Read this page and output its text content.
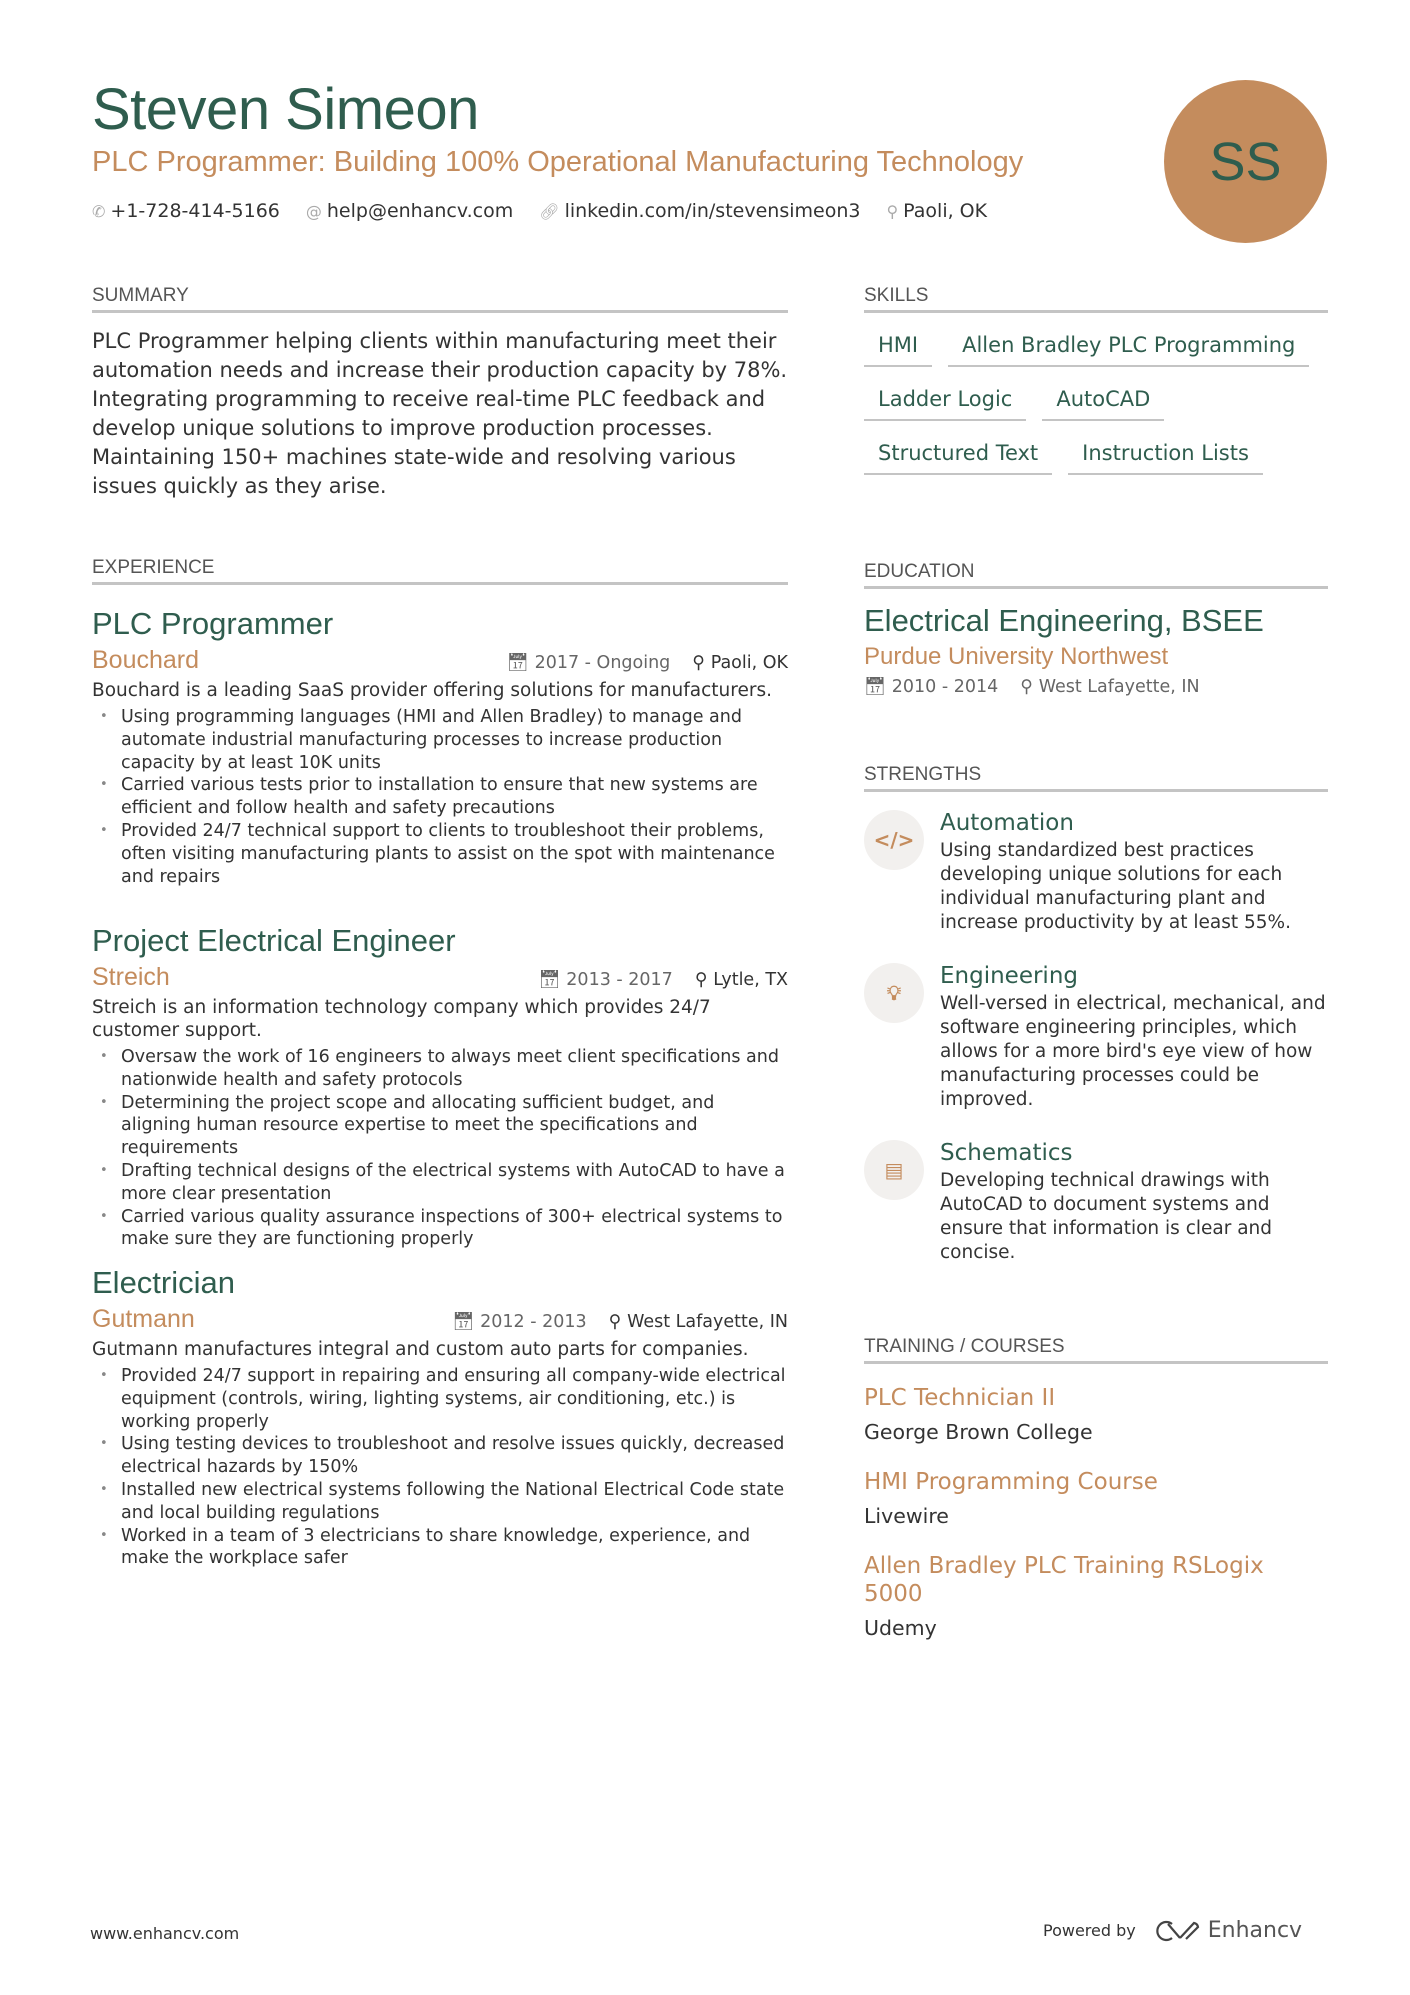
Steven Simeon
PLC Programmer: Building 100% Operational Manufacturing Technology
✆ +1-728-414-5166 @ help@enhancv.com 🔗︎ linkedin.com/in/stevensimeon3 ⚲ Paoli, OK
SS
SUMMARY
PLC Programmer helping clients within manufacturing meet their automation needs and increase their production capacity by 78%. Integrating programming to receive real-time PLC feedback and develop unique solutions to improve production processes. Maintaining 150+ machines state-wide and resolving various issues quickly as they arise.
EXPERIENCE
PLC Programmer
Bouchard	📅︎ 2017 - Ongoing ⚲ Paoli, OK
Bouchard is a leading SaaS provider offering solutions for manufacturers.
• Using programming languages (HMI and Allen Bradley) to manage and automate industrial manufacturing processes to increase production capacity by at least 10K units
• Carried various tests prior to installation to ensure that new systems are efficient and follow health and safety precautions
• Provided 24/7 technical support to clients to troubleshoot their problems, often visiting manufacturing plants to assist on the spot with maintenance and repairs
Project Electrical Engineer
Streich	📅︎ 2013 - 2017 ⚲ Lytle, TX
Streich is an information technology company which provides 24/7 customer support.
• Oversaw the work of 16 engineers to always meet client specifications and nationwide health and safety protocols
• Determining the project scope and allocating sufficient budget, and aligning human resource expertise to meet the specifications and requirements
• Drafting technical designs of the electrical systems with AutoCAD to have a more clear presentation
• Carried various quality assurance inspections of 300+ electrical systems to make sure they are functioning properly
Electrician
Gutmann	📅︎ 2012 - 2013 ⚲ West Lafayette, IN
Gutmann manufactures integral and custom auto parts for companies.
• Provided 24/7 support in repairing and ensuring all company-wide electrical equipment (controls, wiring, lighting systems, air conditioning, etc.) is working properly
• Using testing devices to troubleshoot and resolve issues quickly, decreased electrical hazards by 150%
• Installed new electrical systems following the National Electrical Code state and local building regulations
• Worked in a team of 3 electricians to share knowledge, experience, and make the workplace safer
SKILLS
HMI	Allen Bradley PLC Programming
Ladder Logic	AutoCAD
Structured Text	Instruction Lists
EDUCATION
Electrical Engineering, BSEE
Purdue University Northwest
📅︎ 2010 - 2014 ⚲ West Lafayette, IN
STRENGTHS
</>
Automation
Using standardized best practices developing unique solutions for each individual manufacturing plant and increase productivity by at least 55%.
💡︎
Engineering
Well-versed in electrical, mechanical, and software engineering principles, which allows for a more bird's eye view of how manufacturing processes could be improved.
▤
Schematics
Developing technical drawings with AutoCAD to document systems and ensure that information is clear and concise.
TRAINING / COURSES
PLC Technician II
George Brown College
HMI Programming Course
Livewire
Allen Bradley PLC Training RSLogix 5000
Udemy
www.enhancv.com	Powered by	Enhancv
